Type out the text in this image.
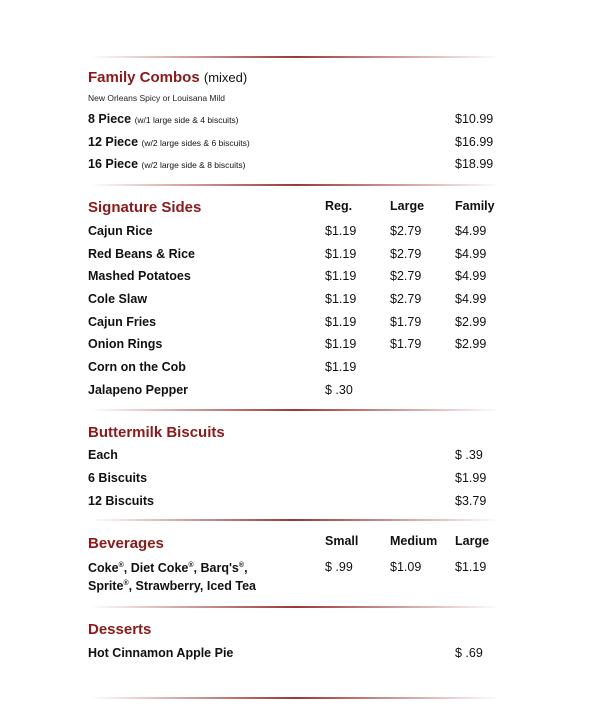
Family Combos (mixed)
New Orleans Spicy or Louisana Mild
8 Piece (w/1 large side & 4 biscuits)	$10.99
12 Piece (w/2 large sides & 6 biscuits)	$16.99
16 Piece (w/2 large side & 8 biscuits)	$18.99
Signature Sides	Reg.	Large Family
Cajun Rice	$1.19	$2.79	$4.99
Red Beans & Rice	$1.19	$2.79	$4.99
Mashed Potatoes	$1.19	$2.79	$4.99
Cole Slaw	$1.19	$2.79	$4.99
Cajun Fries	$1.19	$1.79	$2.99
Onion Rings	$1.19	$1.79	$2.99
Corn on the Cob	$1.19
Jalapeno Pepper	$ .30
Buttermilk Biscuits
Each	$ .39
6 Biscuits	$1.99
12 Biscuits	$3.79
Beverages	Small	Medium Large
Coke®, Diet Coke®, Barq's®,
Sprite®, Strawberry, Iced Tea
$ .99	$1.09	$1.19
Desserts
Hot Cinnamon Apple Pie	$ .69
